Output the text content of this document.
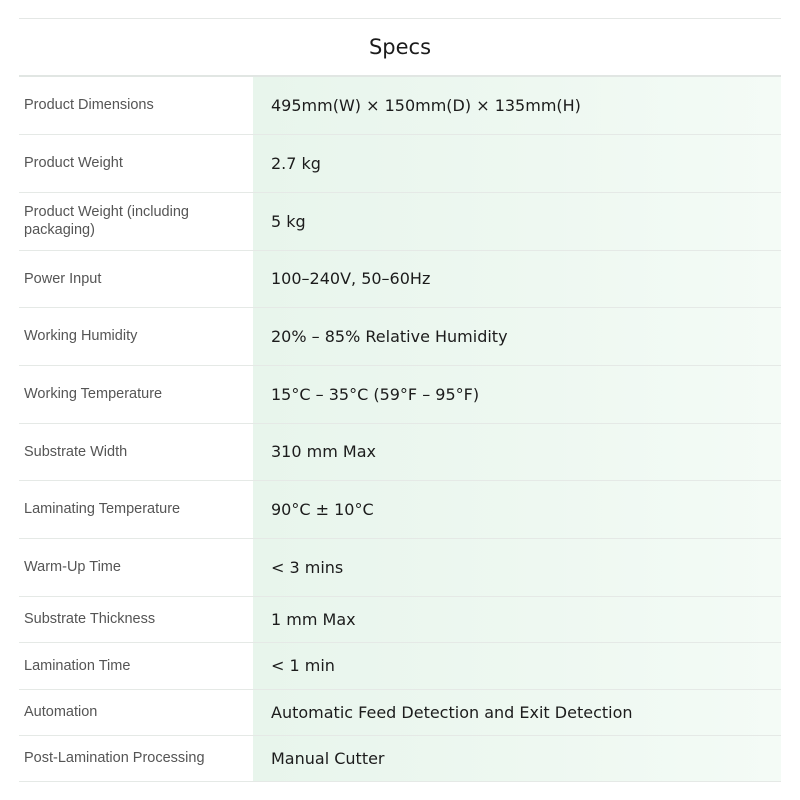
Specs
Product Dimensions	495mm(W) × 150mm(D) × 135mm(H)
Product Weight	2.7 kg
Product Weight (including packaging)	5 kg
Power Input	100–240V, 50–60Hz
Working Humidity	20% – 85% Relative Humidity
Working Temperature	15°C – 35°C (59°F – 95°F)
Substrate Width	310 mm Max
Laminating Temperature	90°C ± 10°C
Warm-Up Time	< 3 mins
Substrate Thickness	1 mm Max
Lamination Time	< 1 min
Automation	Automatic Feed Detection and Exit Detection
Post-Lamination Processing	Manual Cutter
